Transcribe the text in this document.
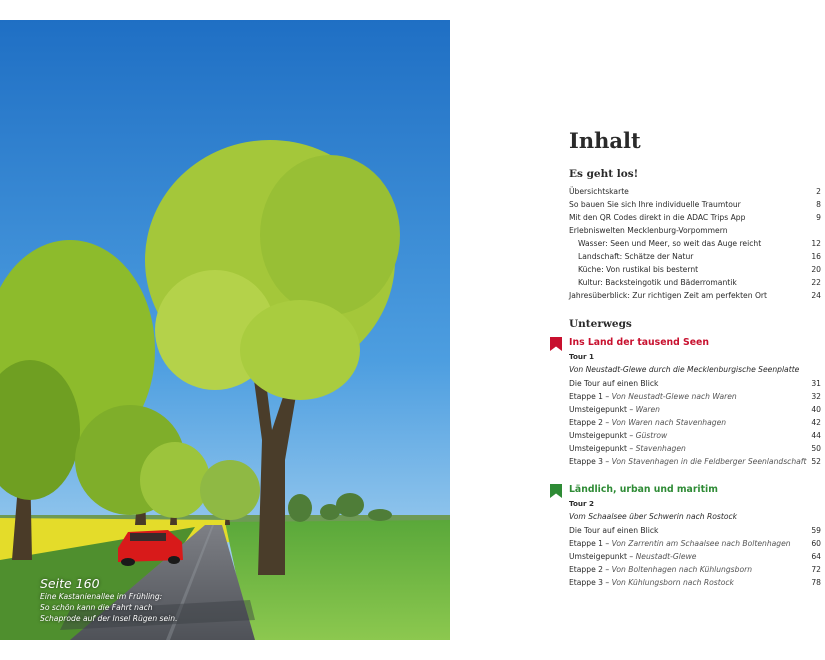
Seite 160
Eine Kastanienallee im Frühling:
So schön kann die Fahrt nach
Schaprode auf der Insel Rügen sein.
Inhalt
Es geht los!
Übersichtskarte	2
So bauen Sie sich Ihre individuelle Traumtour	8
Mit den QR Codes direkt in die ADAC Trips App	9
Erlebniswelten Mecklenburg-Vorpommern
Wasser: Seen und Meer, so weit das Auge reicht	12
Landschaft: Schätze der Natur	16
Küche: Von rustikal bis besternt	20
Kultur: Backsteingotik und Bäderromantik	22
Jahresüberblick: Zur richtigen Zeit am perfekten Ort	24
Unterwegs
Ins Land der tausend Seen
Tour 1
Von Neustadt-Glewe durch die Mecklenburgische Seenplatte
Die Tour auf einen Blick	31
Etappe 1 – Von Neustadt-Glewe nach Waren	32
Umsteigepunkt – Waren	40
Etappe 2 – Von Waren nach Stavenhagen	42
Umsteigepunkt – Güstrow	44
Umsteigepunkt – Stavenhagen	50
Etappe 3 – Von Stavenhagen in die Feldberger Seenlandschaft 52
Ländlich, urban und maritim
Tour 2
Vom Schaalsee über Schwerin nach Rostock
Die Tour auf einen Blick	59
Etappe 1 – Von Zarrentin am Schaalsee nach Boltenhagen	60
Umsteigepunkt – Neustadt-Glewe	64
Etappe 2 – Von Boltenhagen nach Kühlungsborn	72
Etappe 3 – Von Kühlungsborn nach Rostock	78
